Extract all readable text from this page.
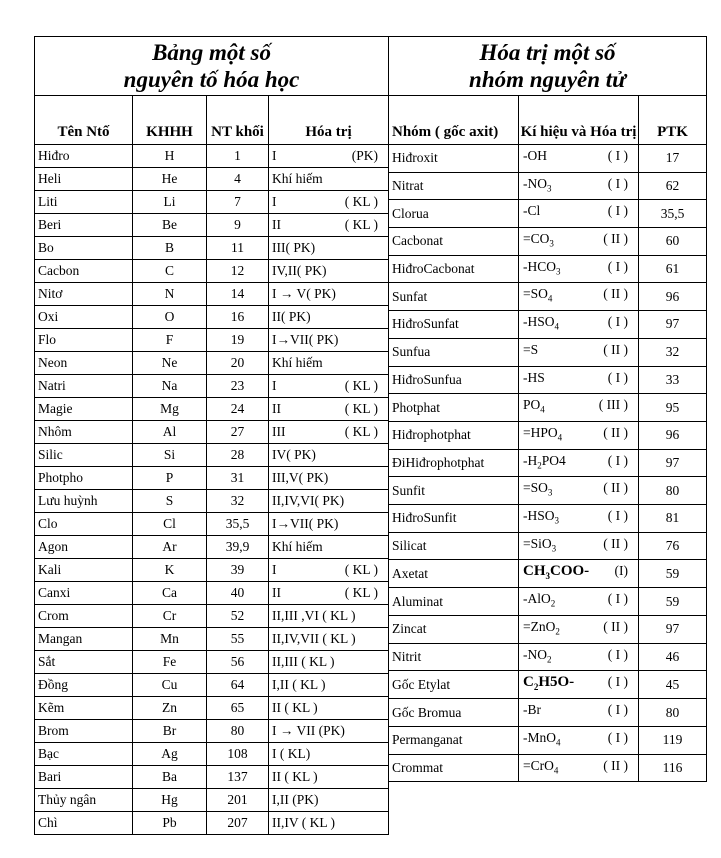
Bảng một số
nguyên tố hóa học			

Tên Ntố	KHHH	NT khối	Hóa trị
Hiđro	H	1	I (PK)

Heli	He	4	Khí hiếm

Liti	Li	7	I ( KL )

Beri	Be	9	II ( KL )

Bo	B	11	III( PK)

Cacbon	C	12	IV,II( PK)

Nitơ	N	14	I → V( PK)

Oxi	O	16	II( PK)

Flo	F	19	I→VII( PK)

Neon	Ne	20	Khí hiếm

Natri	Na	23	I ( KL )

Magie	Mg	24	II ( KL )

Nhôm	Al	27	III ( KL )

Silic	Si	28	IV( PK)

Photpho	P	31	III,V( PK)

Lưu huỳnh	S	32	II,IV,VI( PK)

Clo	Cl	35,5	I→VII( PK)

Agon	Ar	39,9	Khí hiếm

Kali	K	39	I ( KL )

Canxi	Ca	40	II ( KL )

Crom	Cr	52	II,III ,VI ( KL )

Mangan	Mn	55	II,IV,VII ( KL )

Sắt	Fe	56	II,III ( KL )

Đồng	Cu	64	I,II ( KL )

Kẽm	Zn	65	II ( KL )

Brom	Br	80	I → VII (PK)

Bạc	Ag	108	I ( KL)

Bari	Ba	137	II ( KL )

Thủy ngân	Hg	201	I,II (PK)

Chì	Pb	207	II,IV ( KL )
Hóa trị một số
nhóm nguyên tử		

Nhóm ( gốc axit)	Kí hiệu và Hóa trị	PTK
Hiđroxit	-OH ( I )	17
Nitrat	$-NO_3$ ( I )	62
Clorua	-Cl ( I )	35,5
Cacbonat	$=CO_3$ ( II )	60
HiđroCacbonat	$-HCO_3$ ( I )	61
Sunfat	$=SO_4$ ( II )	96
HiđroSunfat	$-HSO_4$ ( I )	97
Sunfua	=S ( II )	32
HiđroSunfua	-HS ( I )	33
Photphat	$PO_4$ ( III )	95
Hiđrophotphat	$=HPO_4$ ( II )	96
ĐiHiđrophotphat	$-H_2PO4$ ( I )	97
Sunfit	$=SO_3$ ( II )	80
HiđroSunfit	$-HSO_3$ ( I )	81
Silicat	=SiO$_3$ ( II )	76
Axetat	$CH_3COO-$ (I)	59
Aluminat	-AlO$_2$ ( I )	59
Zincat	=ZnO$_2$ ( II )	97
Nitrit	$-NO_2$ ( I )	46
Gốc Etylat	$C_2H5O-$ ( I )	45
Gốc Bromua	-Br ( I )	80
Permanganat	-MnO$_4$ ( I )	119
Crommat	=CrO$_4$ ( II )	116
